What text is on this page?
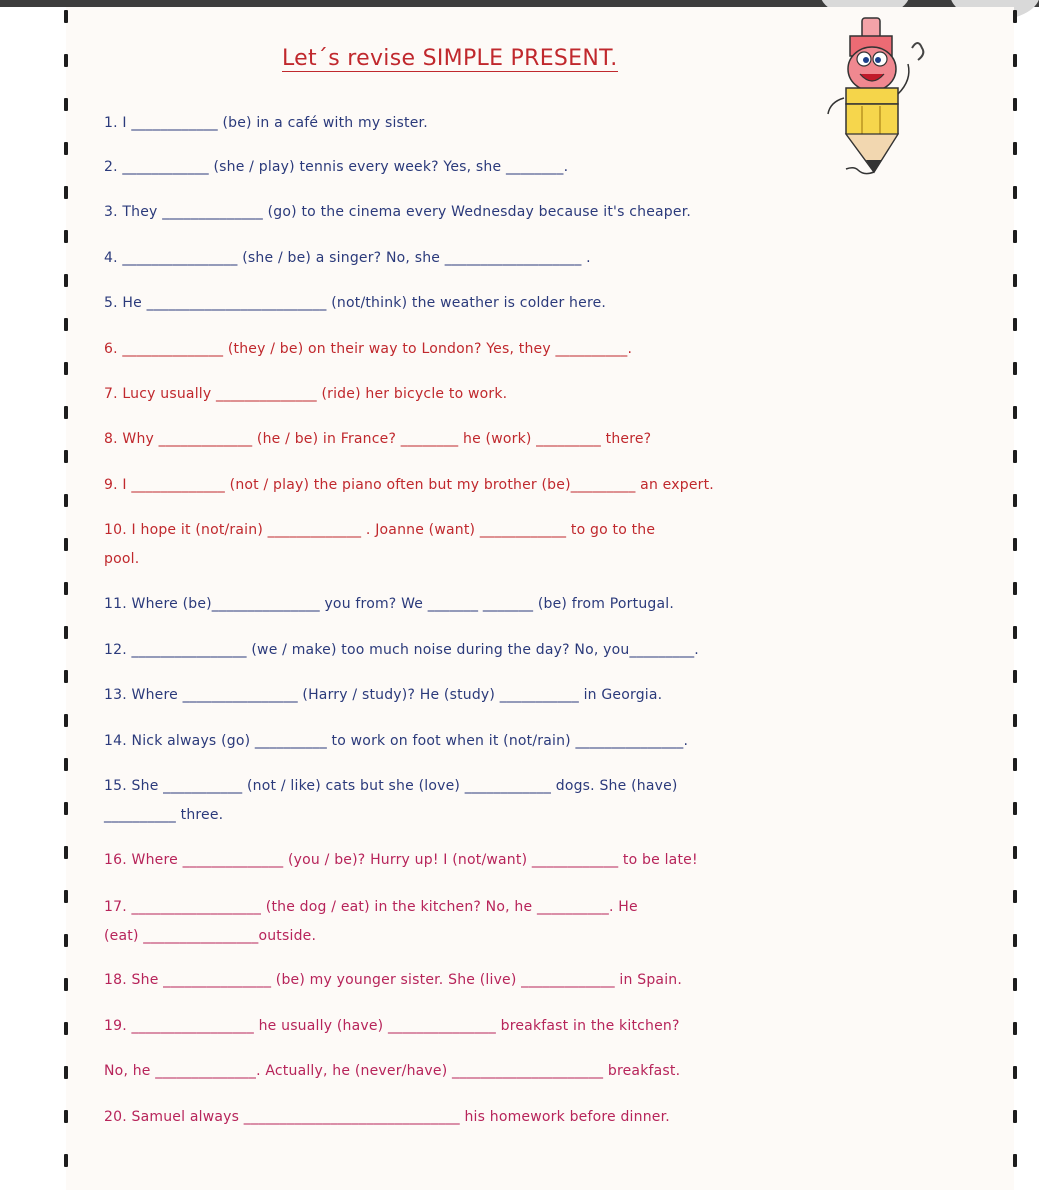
Let´s revise SIMPLE PRESENT.

1. I ____________ (be) in a café with my sister.

2. ____________ (she / play) tennis every week? Yes, she ________.

3. They ______________ (go) to the cinema every Wednesday because it's cheaper.

4. ________________ (she / be) a singer? No, she ___________________ .

5. He _________________________ (not/think) the weather is colder here.

6. ______________ (they / be) on their way to London? Yes, they __________.

7. Lucy usually ______________ (ride) her bicycle to work.

8. Why _____________ (he / be) in France? ________ he (work) _________ there?

9. I _____________ (not / play) the piano often but my brother (be)_________ an expert.

10. I hope it (not/rain) _____________ . Joanne (want) ____________ to go to the

pool.

11. Where (be)_______________ you from? We _______ _______ (be) from Portugal.

12. ________________ (we / make) too much noise during the day? No, you_________.

13. Where ________________ (Harry / study)? He (study) ___________ in Georgia.

14. Nick always (go) __________ to work on foot when it (not/rain) _______________.

15. She ___________ (not / like) cats but she (love) ____________ dogs. She (have)

__________ three.

16. Where ______________ (you / be)? Hurry up! I (not/want) ____________ to be late!

17. __________________ (the dog / eat) in the kitchen? No, he __________. He

(eat) ________________outside.

18. She _______________ (be) my younger sister. She (live) _____________ in Spain.

19. _________________ he usually (have) _______________ breakfast in the kitchen?

No, he ______________. Actually, he (never/have) _____________________ breakfast.

20. Samuel always ______________________________ his homework before dinner.
